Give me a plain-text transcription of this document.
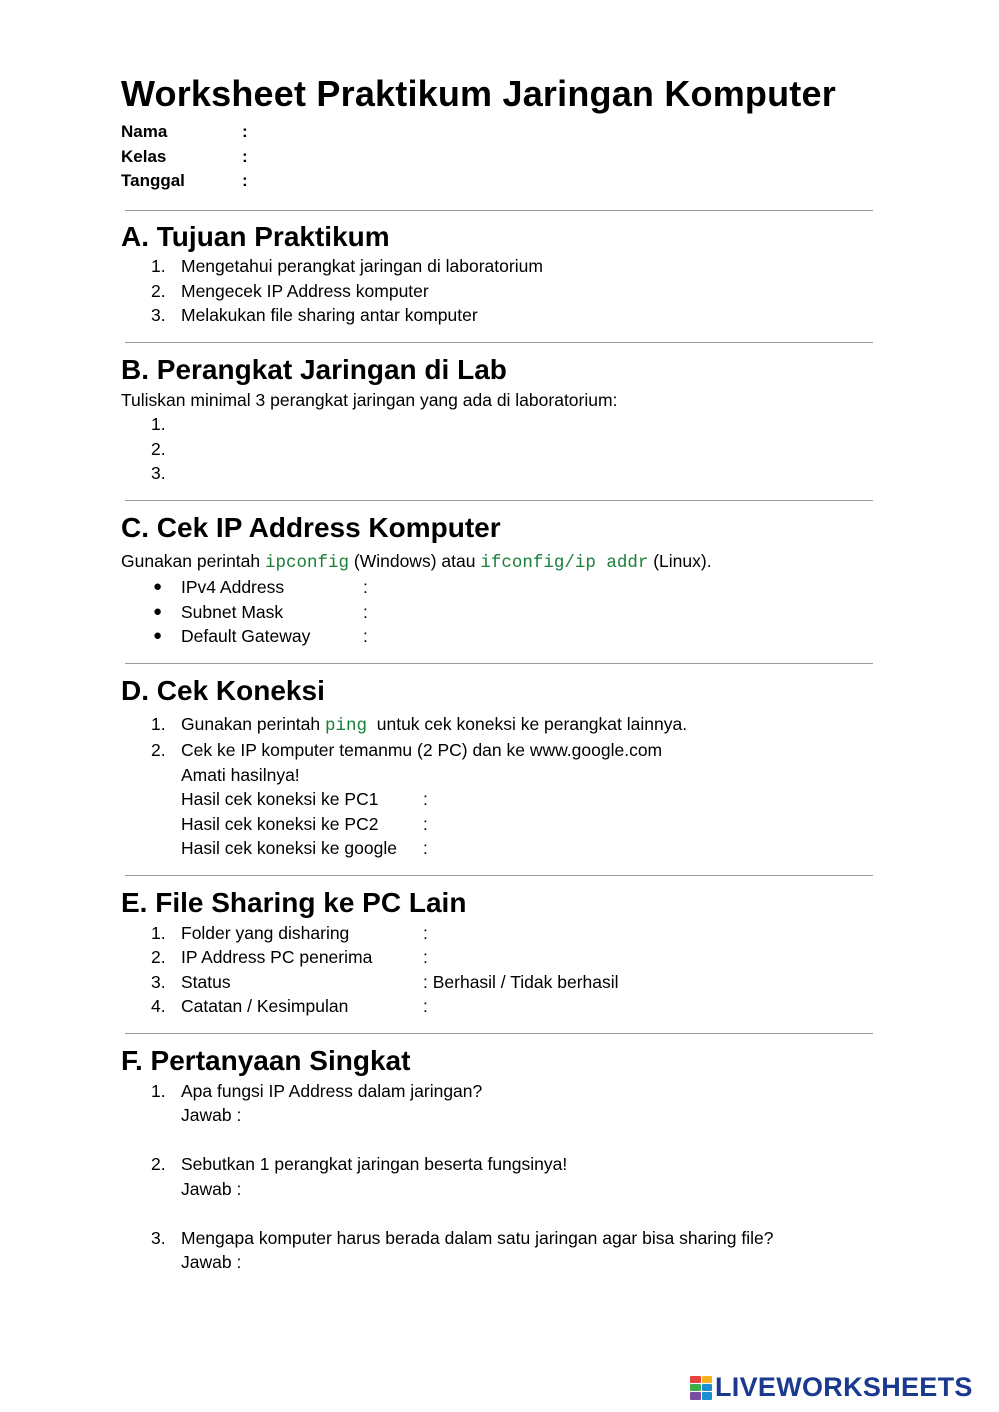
Worksheet Praktikum Jaringan Komputer
Nama	:
Kelas	:
Tanggal	:
A. Tujuan Praktikum
1. Mengetahui perangkat jaringan di laboratorium
2. Mengecek IP Address komputer
3. Melakukan file sharing antar komputer
B. Perangkat Jaringan di Lab
Tuliskan minimal 3 perangkat jaringan yang ada di laboratorium:
1.
2.
3.
C. Cek IP Address Komputer
Gunakan perintah ipconfig (Windows) atau ifconfig/ip addr (Linux).
● IPv4 Address	:
● Subnet Mask	:
● Default Gateway	:
D. Cek Koneksi
1. Gunakan perintah ping  untuk cek koneksi ke perangkat lainnya.
2. Cek ke IP komputer temanmu (2 PC) dan ke www.google.com
Amati hasilnya!
Hasil cek koneksi ke PC1	:
Hasil cek koneksi ke PC2	:
Hasil cek koneksi ke google :
E. File Sharing ke PC Lain
1. Folder yang disharing	:
2. IP Address PC penerima	:
3. Status	: Berhasil / Tidak berhasil
4. Catatan / Kesimpulan	:
F. Pertanyaan Singkat
1. Apa fungsi IP Address dalam jaringan?
Jawab :
2. Sebutkan 1 perangkat jaringan beserta fungsinya!
Jawab :
3. Mengapa komputer harus berada dalam satu jaringan agar bisa sharing file?
Jawab :
LIVEWORKSHEETS
